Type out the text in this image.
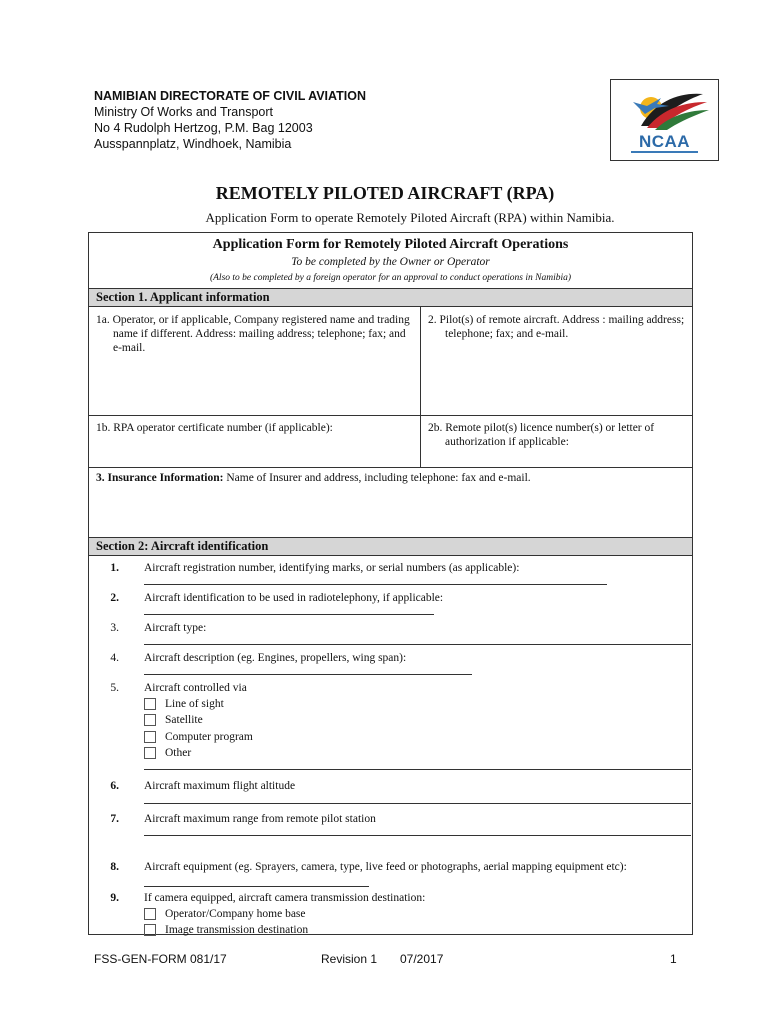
NAMIBIAN DIRECTORATE OF CIVIL AVIATION
Ministry Of Works and Transport
No 4 Rudolph Hertzog, P.M. Bag 12003
Ausspannplatz, Windhoek, Namibia	NCAA
REMOTELY PILOTED AIRCRAFT (RPA)
Application Form to operate Remotely Piloted Aircraft (RPA) within Namibia.
Application Form for Remotely Piloted Aircraft Operations
To be completed by the Owner or Operator
(Also to be completed by a foreign operator for an approval to conduct operations in Namibia)
Section 1. Applicant information
1a. Operator, or if applicable, Company registered name and trading name if different. Address: mailing address; telephone; fax; and e-mail.
2. Pilot(s) of remote aircraft. Address : mailing address; telephone; fax; and e-mail.
1b. RPA operator certificate number (if applicable):	2b. Remote pilot(s) licence number(s) or letter of authorization if applicable:
3. Insurance Information: Name of Insurer and address, including telephone: fax and e-mail.
Section 2: Aircraft identification
1. Aircraft registration number, identifying marks, or serial numbers (as applicable):
2. Aircraft identification to be used in radiotelephony, if applicable:
3. Aircraft type:
4. Aircraft description (eg. Engines, propellers, wing span):
5. Aircraft controlled via
Line of sight
Satellite
Computer program
Other
6. Aircraft maximum flight altitude
7. Aircraft maximum range from remote pilot station
8. Aircraft equipment (eg. Sprayers, camera, type, live feed or photographs, aerial mapping equipment etc):
9. If camera equipped, aircraft camera transmission destination:
Operator/Company home base
Image transmission destination
FSS-GEN-FORM 081/17	Revision 1 07/2017	1
